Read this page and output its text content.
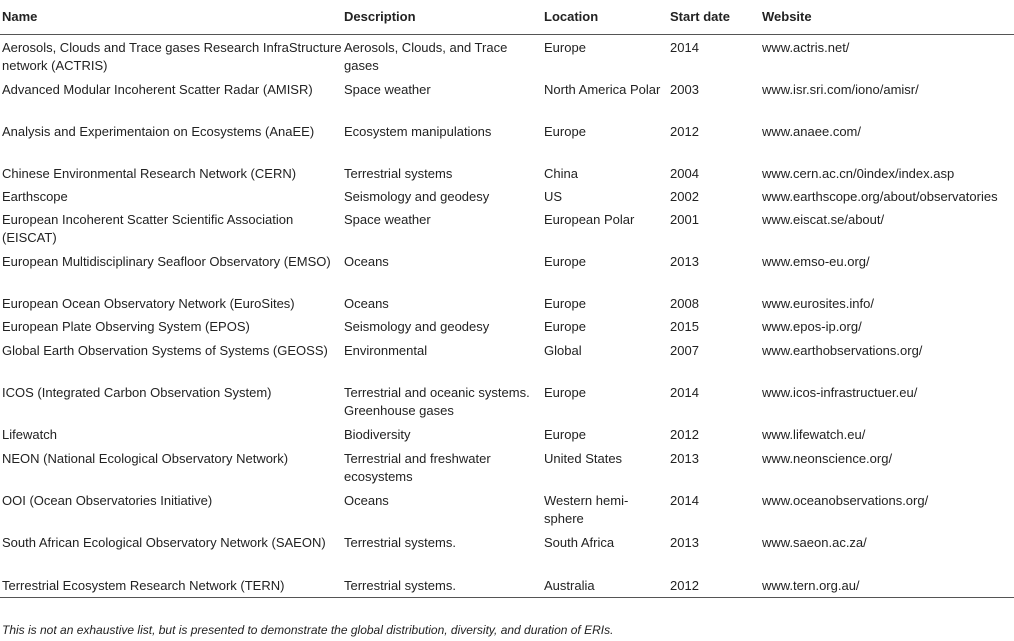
Name	Description	Location	Start date	Website
Aerosols, Clouds and Trace gases Research InfraStructure network (ACTRIS)	Aerosols, Clouds, and Trace gases	Europe	2014	www.actris.net/
Advanced Modular Incoherent Scatter Radar (AMISR)	Space weather	North America Polar	2003	www.isr.sri.com/iono/amisr/
Analysis and Experimentaion on Ecosystems (AnaEE)	Ecosystem manipulations	Europe	2012	www.anaee.com/
Chinese Environmental Research Network (CERN)	Terrestrial systems	China	2004	www.cern.ac.cn/0index/index.asp
Earthscope	Seismology and geodesy	US	2002	www.earthscope.org/about/observatories
European Incoherent Scatter Scientific Association (EISCAT)	Space weather	European Polar	2001	www.eiscat.se/about/
European Multidisciplinary Seafloor Observatory (EMSO)	Oceans	Europe	2013	www.emso-eu.org/
European Ocean Observatory Network (EuroSites)	Oceans	Europe	2008	www.eurosites.info/
European Plate Observing System (EPOS)	Seismology and geodesy	Europe	2015	www.epos-ip.org/
Global Earth Observation Systems of Systems (GEOSS)	Environmental	Global	2007	www.earthobservations.org/
ICOS (Integrated Carbon Observation System)	Terrestrial and oceanic systems. Greenhouse gases	Europe	2014	www.icos-infrastructuer.eu/
Lifewatch	Biodiversity	Europe	2012	www.lifewatch.eu/
NEON (National Ecological Observatory Network)	Terrestrial and freshwater ecosystems	United States	2013	www.neonscience.org/
OOI (Ocean Observatories Initiative)	Oceans	Western hemi-sphere	2014	www.oceanobservations.org/
South African Ecological Observatory Network (SAEON)	Terrestrial systems.	South Africa	2013	www.saeon.ac.za/
Terrestrial Ecosystem Research Network (TERN)	Terrestrial systems.	Australia	2012	www.tern.org.au/
This is not an exhaustive list, but is presented to demonstrate the global distribution, diversity, and duration of ERIs.
